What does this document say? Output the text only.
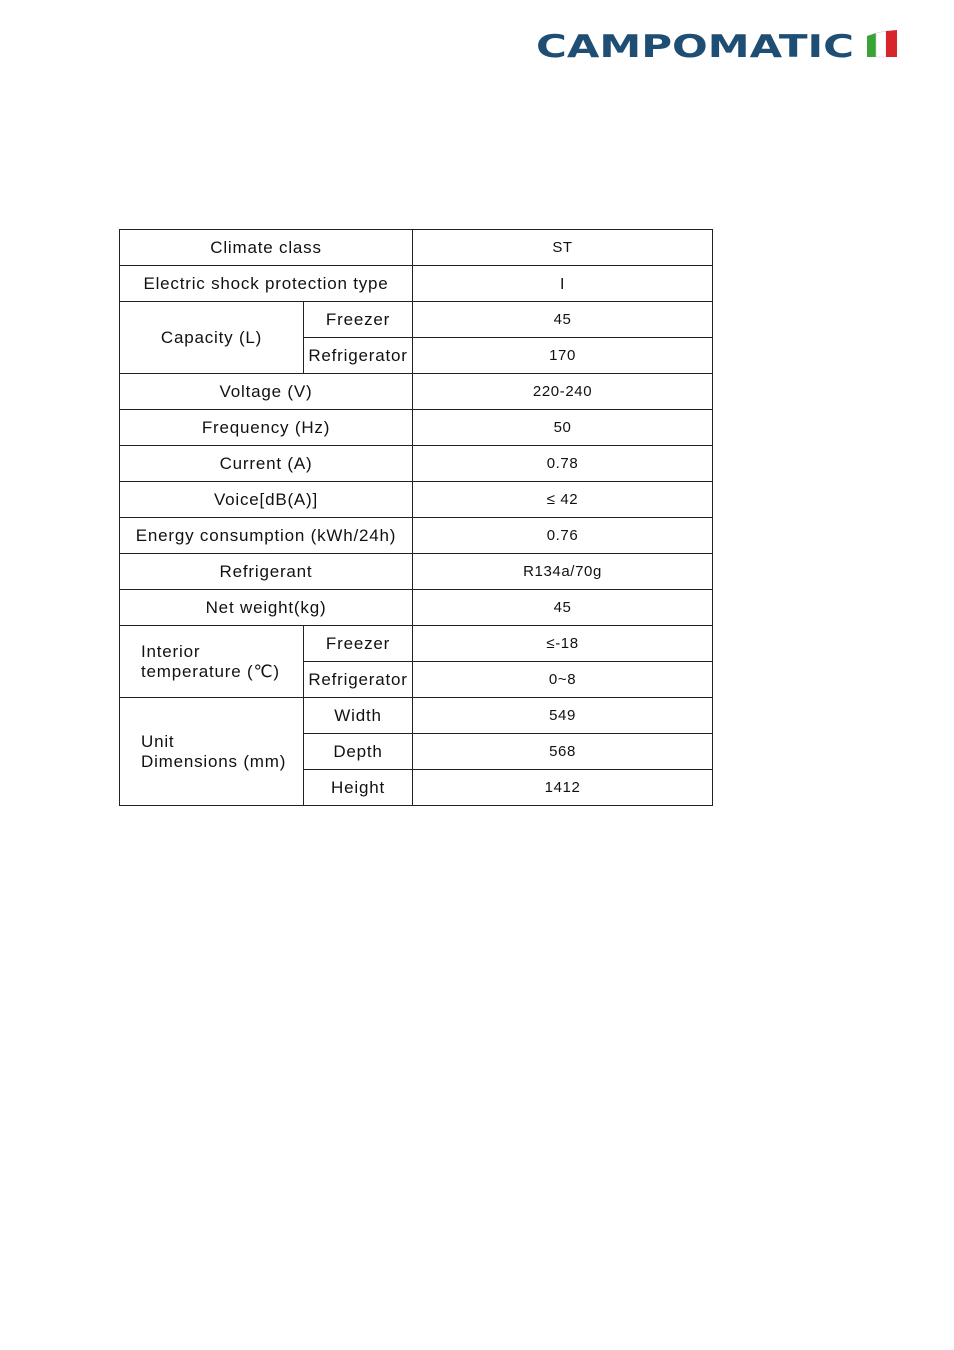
CAMPOMATIC
Climate class		ST
Electric shock protection type		Ⅰ
Capacity (L)	Freezer	45
	Refrigerator	170
Voltage (V)		220-240
Frequency (Hz)		50
Current (A)		0.78
Voice[dB(A)]		≤ 42
Energy consumption (kWh/24h)		0.76
Refrigerant		R134a/70g
Net weight(kg)		45

Interior
temperature (℃)	Freezer	≤-18
	Refrigerator	0~8

Unit
Dimensions (mm)	Width	549
	Depth	568
	Height	1412
